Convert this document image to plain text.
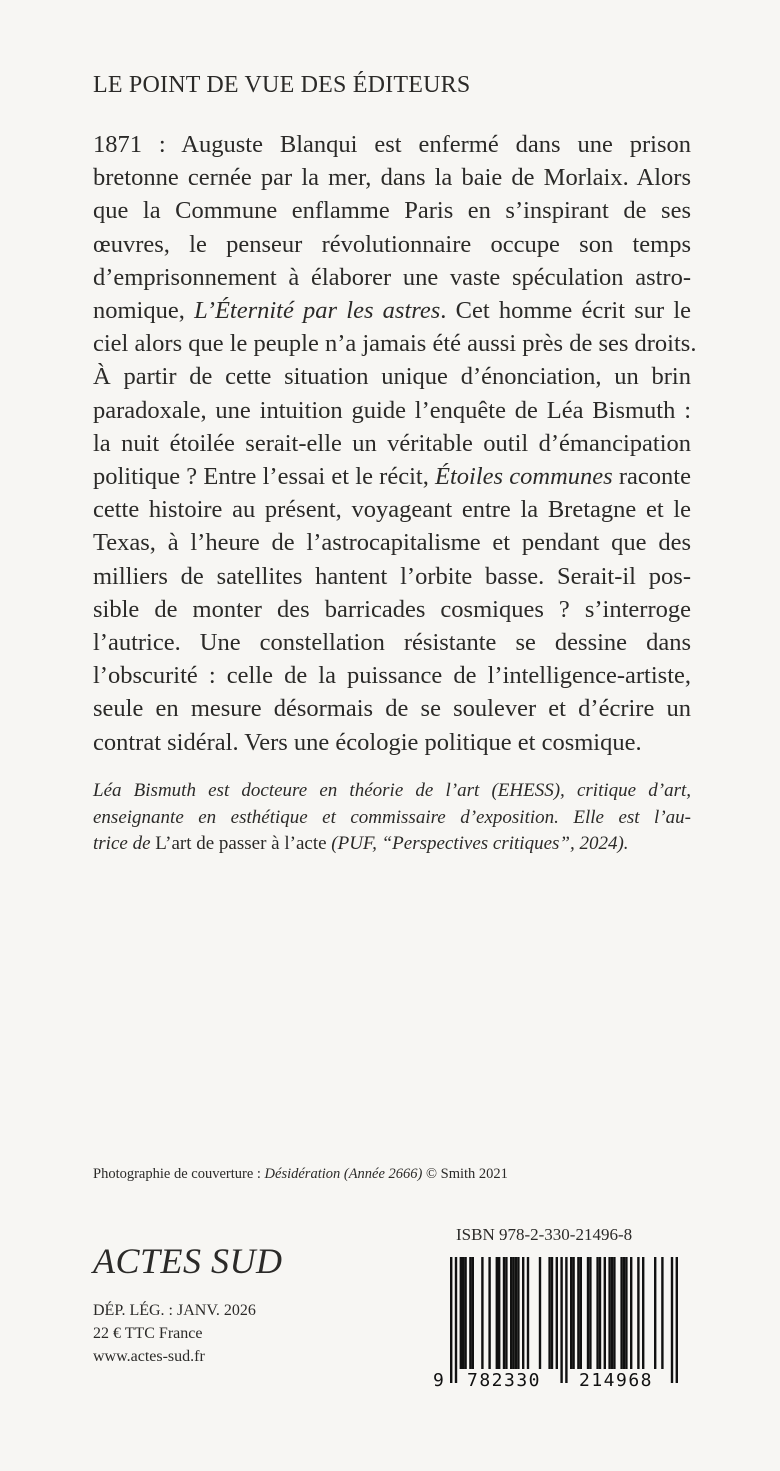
LE POINT DE VUE DES ÉDITEURS
1871 : Auguste Blanqui est enfermé dans une prison
bretonne cernée par la mer, dans la baie de Morlaix. Alors
que la Commune enflamme Paris en s’inspirant de ses
œuvres, le penseur révolutionnaire occupe son temps
d’emprisonnement à élaborer une vaste spéculation astro-
nomique, L’Éternité par les astres. Cet homme écrit sur le
ciel alors que le peuple n’a jamais été aussi près de ses droits.
À partir de cette situation unique d’énonciation, un brin
paradoxale, une intuition guide l’enquête de Léa Bismuth :
la nuit étoilée serait-elle un véritable outil d’émancipation
politique ? Entre l’essai et le récit, Étoiles communes raconte
cette histoire au présent, voyageant entre la Bretagne et le
Texas, à l’heure de l’astrocapitalisme et pendant que des
milliers de satellites hantent l’orbite basse. Serait-il pos-
sible de monter des barricades cosmiques ? s’interroge
l’autrice. Une constellation résistante se dessine dans
l’obscurité : celle de la puissance de l’intelligence-artiste,
seule en mesure désormais de se soulever et d’écrire un
contrat sidéral. Vers une écologie politique et cosmique.
Léa Bismuth est docteure en théorie de l’art (EHESS), critique d’art,
enseignante en esthétique et commissaire d’exposition. Elle est l’au-
trice de L’art de passer à l’acte (PUF, “Perspectives critiques”, 2024).
Photographie de couverture : Désidération (Année 2666) © Smith 2021
ACTES SUD
DÉP. LÉG. : JANV. 2026
22 € TTC France
www.actes-sud.fr
ISBN 978-2-330-21496-8
9 782330 214968
